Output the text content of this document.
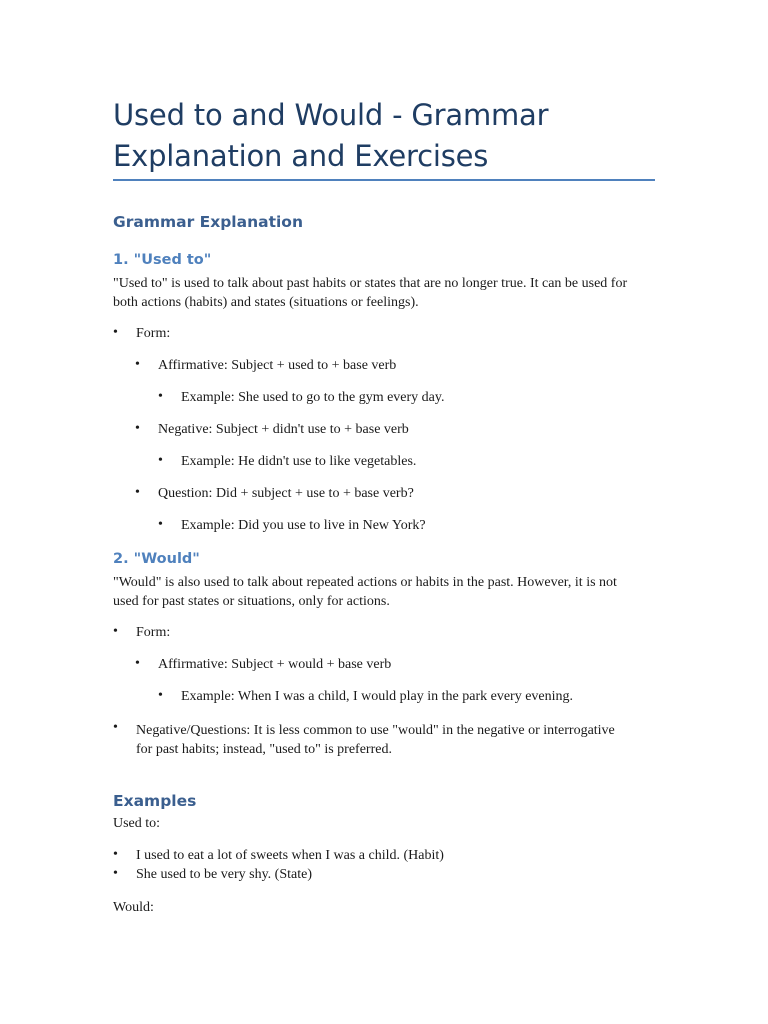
Used to and Would - Grammar
Explanation and Exercises
Grammar Explanation
1. "Used to"
"Used to" is used to talk about past habits or states that are no longer true. It can be used for
both actions (habits) and states (situations or feelings).
• Form:
• Affirmative: Subject + used to + base verb
• Example: She used to go to the gym every day.
• Negative: Subject + didn't use to + base verb
• Example: He didn't use to like vegetables.
• Question: Did + subject + use to + base verb?
• Example: Did you use to live in New York?
2. "Would"
"Would" is also used to talk about repeated actions or habits in the past. However, it is not
used for past states or situations, only for actions.
• Form:
• Affirmative: Subject + would + base verb
• Example: When I was a child, I would play in the park every evening.
• Negative/Questions: It is less common to use "would" in the negative or interrogative
for past habits; instead, "used to" is preferred.
Examples
Used to:
• I used to eat a lot of sweets when I was a child. (Habit)
• She used to be very shy. (State)
Would:
